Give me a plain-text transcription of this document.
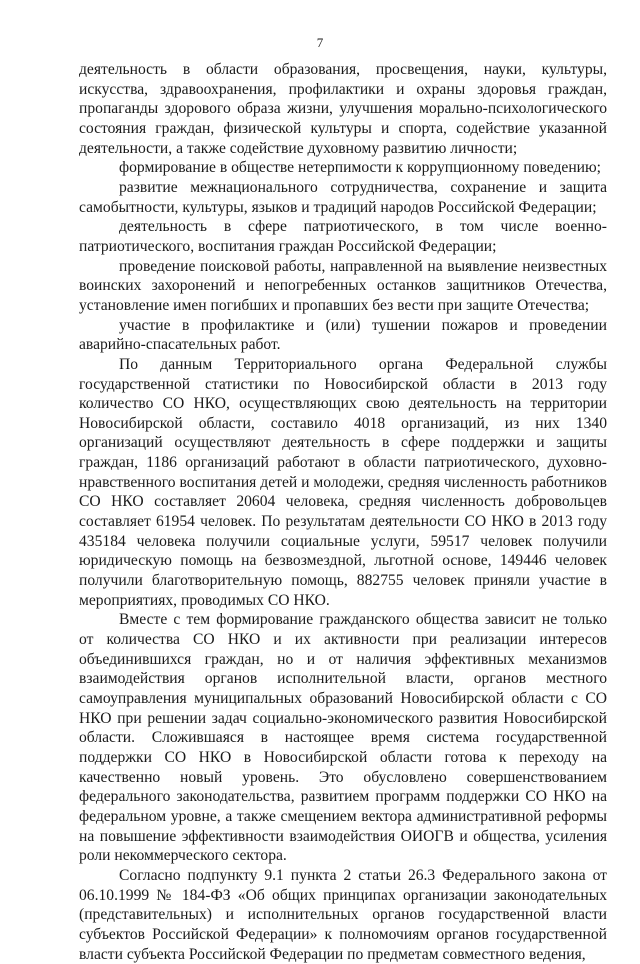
7

деятельность в области образования, просвещения, науки, культуры, искусства, здравоохранения, профилактики и охраны здоровья граждан, пропаганды здорового образа жизни, улучшения морально-психологического состояния граждан, физической культуры и спорта, содействие указанной деятельности, а также содействие духовному развитию личности;

формирование в обществе нетерпимости к коррупционному поведению;

развитие межнационального сотрудничества, сохранение и защита самобытности, культуры, языков и традиций народов Российской Федерации;

деятельность в сфере патриотического, в том числе военно-патриотического, воспитания граждан Российской Федерации;

проведение поисковой работы, направленной на выявление неизвестных воинских захоронений и непогребенных останков защитников Отечества, установление имен погибших и пропавших без вести при защите Отечества;

участие в профилактике и (или) тушении пожаров и проведении аварийно-спасательных работ.

По данным Территориального органа Федеральной службы государственной статистики по Новосибирской области в 2013 году количество СО НКО, осуществляющих свою деятельность на территории Новосибирской области, составило 4018 организаций, из них 1340 организаций осуществляют деятельность в сфере поддержки и защиты граждан, 1186 организаций работают в области патриотического, духовно-нравственного воспитания детей и молодежи, средняя численность работников СО НКО составляет 20604 человека, средняя численность добровольцев составляет 61954 человек. По результатам деятельности СО НКО в 2013 году 435184 человека получили социальные услуги, 59517 человек получили юридическую помощь на безвозмездной, льготной основе, 149446 человек получили благотворительную помощь, 882755 человек приняли участие в мероприятиях, проводимых СО НКО.

Вместе с тем формирование гражданского общества зависит не только от количества СО НКО и их активности при реализации интересов объединившихся граждан, но и от наличия эффективных механизмов взаимодействия органов исполнительной власти, органов местного самоуправления муниципальных образований Новосибирской области с СО НКО при решении задач социально-экономического развития Новосибирской области. Сложившаяся в настоящее время система государственной поддержки СО НКО в Новосибирской области готова к переходу на качественно новый уровень. Это обусловлено совершенствованием федерального законодательства, развитием программ поддержки СО НКО на федеральном уровне, а также смещением вектора административной реформы на повышение эффективности взаимодействия ОИОГВ и общества, усиления роли некоммерческого сектора.

Согласно подпункту 9.1 пункта 2 статьи 26.3 Федерального закона от 06.10.1999 № 184-ФЗ «Об общих принципах организации законодательных (представительных) и исполнительных органов государственной власти субъектов Российской Федерации» к полномочиям органов государственной власти субъекта Российской Федерации по предметам совместного ведения,
